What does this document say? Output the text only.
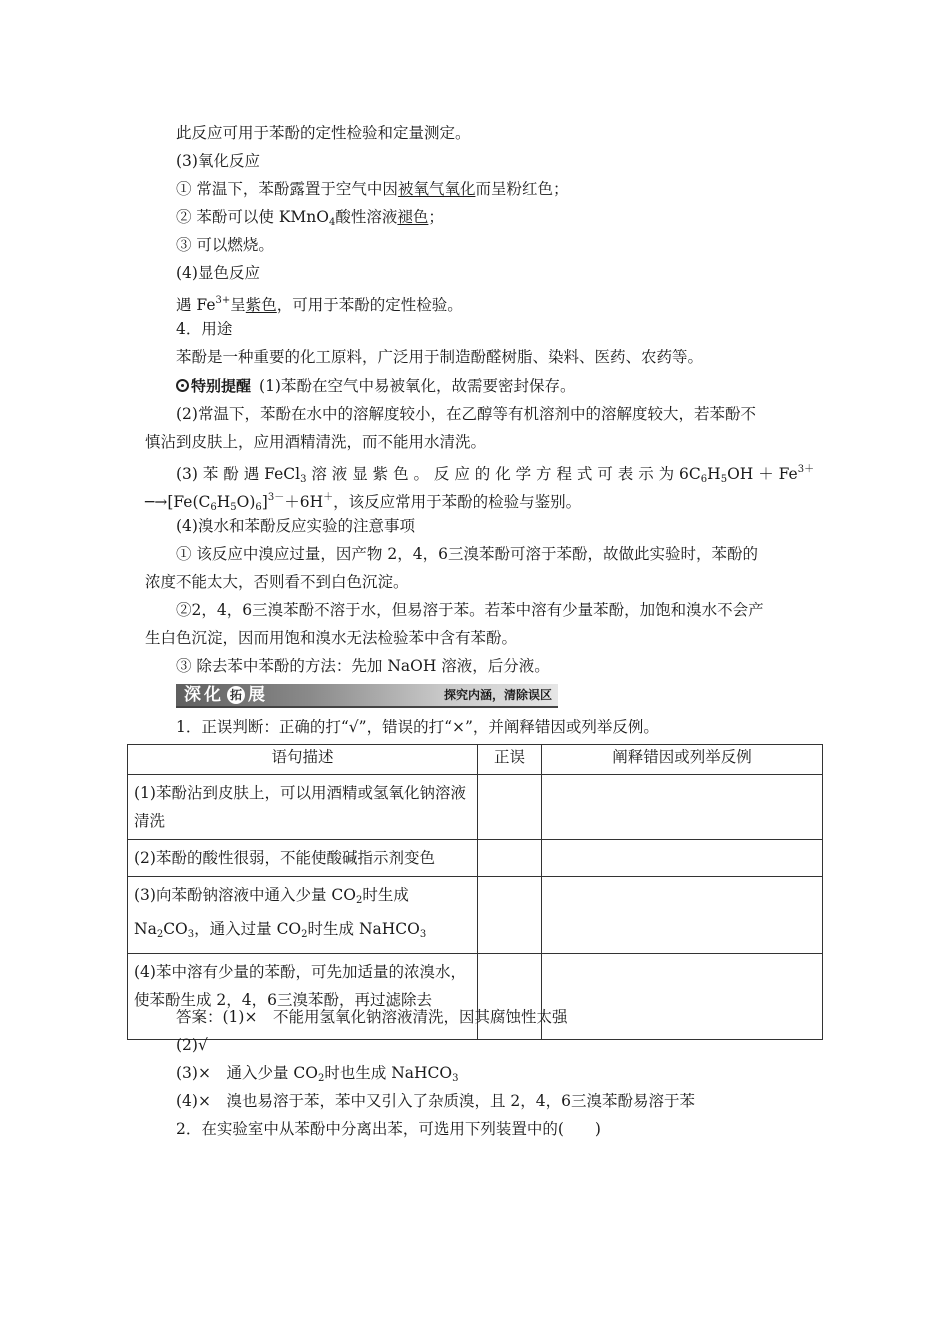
此反应可用于苯酚的定性检验和定量测定。
(3)氧化反应
① 常温下，苯酚露置于空气中因被氧气氧化而呈粉红色；
② 苯酚可以使 KMnO$_4$酸性溶液褪色；
③ 可以燃烧。
(4)显色反应
遇 $Fe^{3+}$呈紫色，可用于苯酚的定性检验。
4．用途
苯酚是一种重要的化工原料，广泛用于制造酚醛树脂、染料、医药、农药等。
特别提醒 (1)苯酚在空气中易被氧化，故需要密封保存。
(2)常温下，苯酚在水中的溶解度较小，在乙醇等有机溶剂中的溶解度较大，若苯酚不
慎沾到皮肤上，应用酒精清洗，而不能用水清洗。
(3) 苯 酚 遇 FeCl$_3$ 溶 液 显 紫 色 。 反 应 的 化 学 方 程 式 可 表 示 为 $6C_6H_5OH + Fe^{3+}$
$─\to[Fe(C_6H_5O)_6]^{3-}+6H^+$，该反应常用于苯酚的检验与鉴别。
(4)溴水和苯酚反应实验的注意事项
① 该反应中溴应过量，因产物 2，4，6三溴苯酚可溶于苯酚，故做此实验时，苯酚的
浓度不能太大，否则看不到白色沉淀。
②2，4，6三溴苯酚不溶于水，但易溶于苯。若苯中溶有少量苯酚，加饱和溴水不会产
生白色沉淀，因而用饱和溴水无法检验苯中含有苯酚。
③ 除去苯中苯酚的方法：先加 NaOH 溶液，后分液。
深化 拓 展	探究内涵，清除误区
1．正误判断：正确的打“√”，错误的打“×”，并阐释错因或列举反例。
语句描述	正误	阐释错因或列举反例
(1)苯酚沾到皮肤上，可以用酒精或氢氧化钠溶液清洗		
(2)苯酚的酸性很弱，不能使酸碱指示剂变色		
(3)向苯酚钠溶液中通入少量 $CO_2$时生成 $Na_2CO_3$，通入过量 $CO_2$时生成 NaHCO$_3$		
(4)苯中溶有少量的苯酚，可先加适量的浓溴水，使苯酚生成 2，4，6三溴苯酚，再过滤除去		
答案：(1)×　不能用氢氧化钠溶液清洗，因其腐蚀性太强
(2)√
(3)×　通入少量 $CO_2$时也生成 NaHCO$_3$
(4)×　溴也易溶于苯，苯中又引入了杂质溴，且 2，4，6三溴苯酚易溶于苯
2．在实验室中从苯酚中分离出苯，可选用下列装置中的(　　)
